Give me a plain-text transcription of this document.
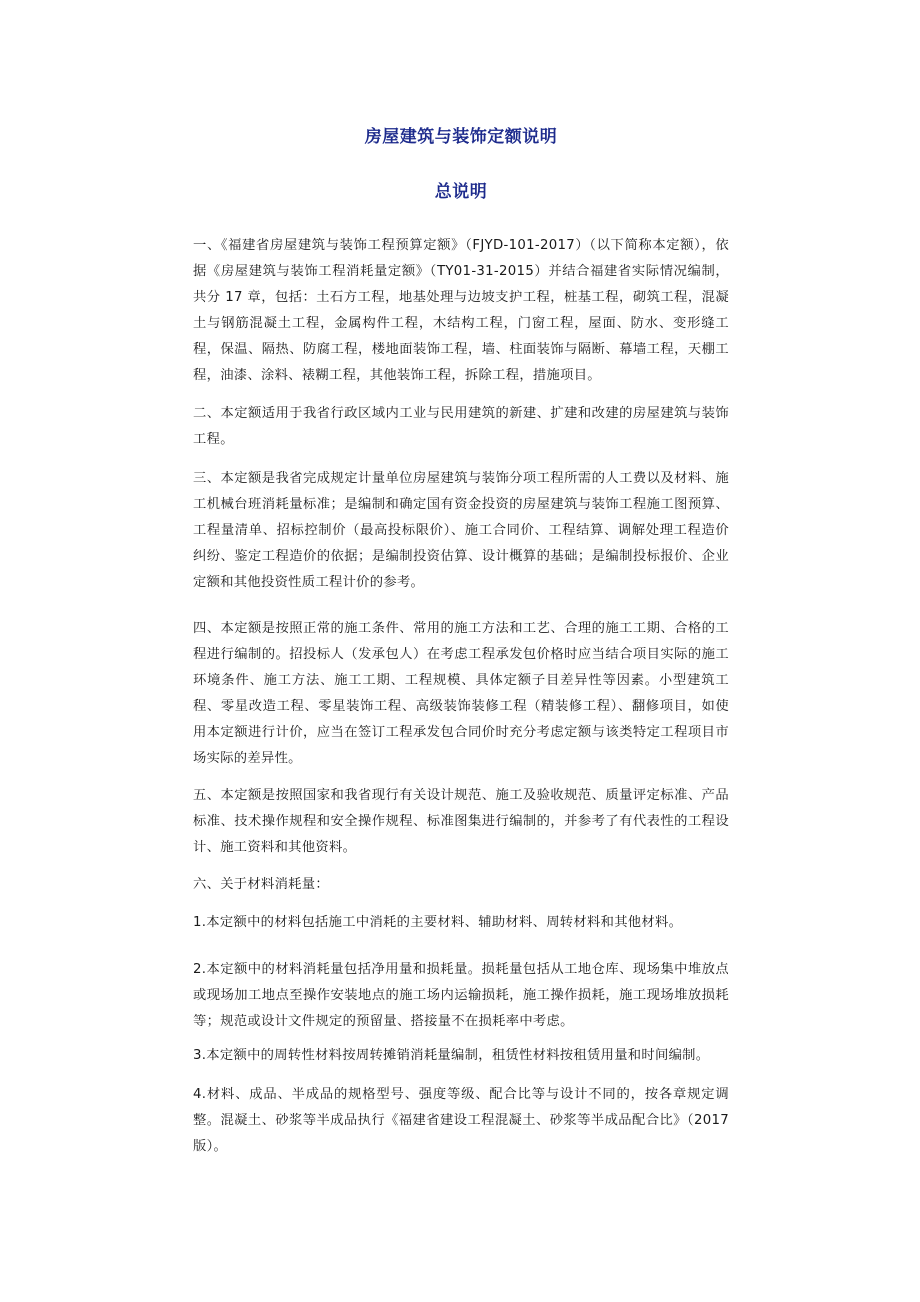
房屋建筑与装饰定额说明
总说明

一、《福建省房屋建筑与装饰工程预算定额》（FJYD-101-2017）（以下简称本定额），依据《房屋建筑与装饰工程消耗量定额》（TY01-31-2015）并结合福建省实际情况编制，共分 17 章，包括：土石方工程，地基处理与边坡支护工程，桩基工程，砌筑工程，混凝土与钢筋混凝土工程，金属构件工程，木结构工程，门窗工程，屋面、防水、变形缝工程，保温、隔热、防腐工程，楼地面装饰工程，墙、柱面装饰与隔断、幕墙工程，天棚工程，油漆、涂料、裱糊工程，其他装饰工程，拆除工程，措施项目。

二、本定额适用于我省行政区域内工业与民用建筑的新建、扩建和改建的房屋建筑与装饰工程。

三、本定额是我省完成规定计量单位房屋建筑与装饰分项工程所需的人工费以及材料、施工机械台班消耗量标准；是编制和确定国有资金投资的房屋建筑与装饰工程施工图预算、工程量清单、招标控制价（最高投标限价）、施工合同价、工程结算、调解处理工程造价纠纷、鉴定工程造价的依据；是编制投资估算、设计概算的基础；是编制投标报价、企业定额和其他投资性质工程计价的参考。

四、本定额是按照正常的施工条件、常用的施工方法和工艺、合理的施工工期、合格的工程进行编制的。招投标人（发承包人）在考虑工程承发包价格时应当结合项目实际的施工环境条件、施工方法、施工工期、工程规模、具体定额子目差异性等因素。小型建筑工程、零星改造工程、零星装饰工程、高级装饰装修工程（精装修工程）、翻修项目，如使用本定额进行计价，应当在签订工程承发包合同价时充分考虑定额与该类特定工程项目市场实际的差异性。

五、本定额是按照国家和我省现行有关设计规范、施工及验收规范、质量评定标准、产品标准、技术操作规程和安全操作规程、标准图集进行编制的，并参考了有代表性的工程设计、施工资料和其他资料。

六、关于材料消耗量：

1.本定额中的材料包括施工中消耗的主要材料、辅助材料、周转材料和其他材料。

2.本定额中的材料消耗量包括净用量和损耗量。损耗量包括从工地仓库、现场集中堆放点或现场加工地点至操作安装地点的施工场内运输损耗，施工操作损耗，施工现场堆放损耗等；规范或设计文件规定的预留量、搭接量不在损耗率中考虑。

3.本定额中的周转性材料按周转摊销消耗量编制，租赁性材料按租赁用量和时间编制。

4.材料、成品、半成品的规格型号、强度等级、配合比等与设计不同的，按各章规定调整。混凝土、砂浆等半成品执行《福建省建设工程混凝土、砂浆等半成品配合比》（2017版）。
